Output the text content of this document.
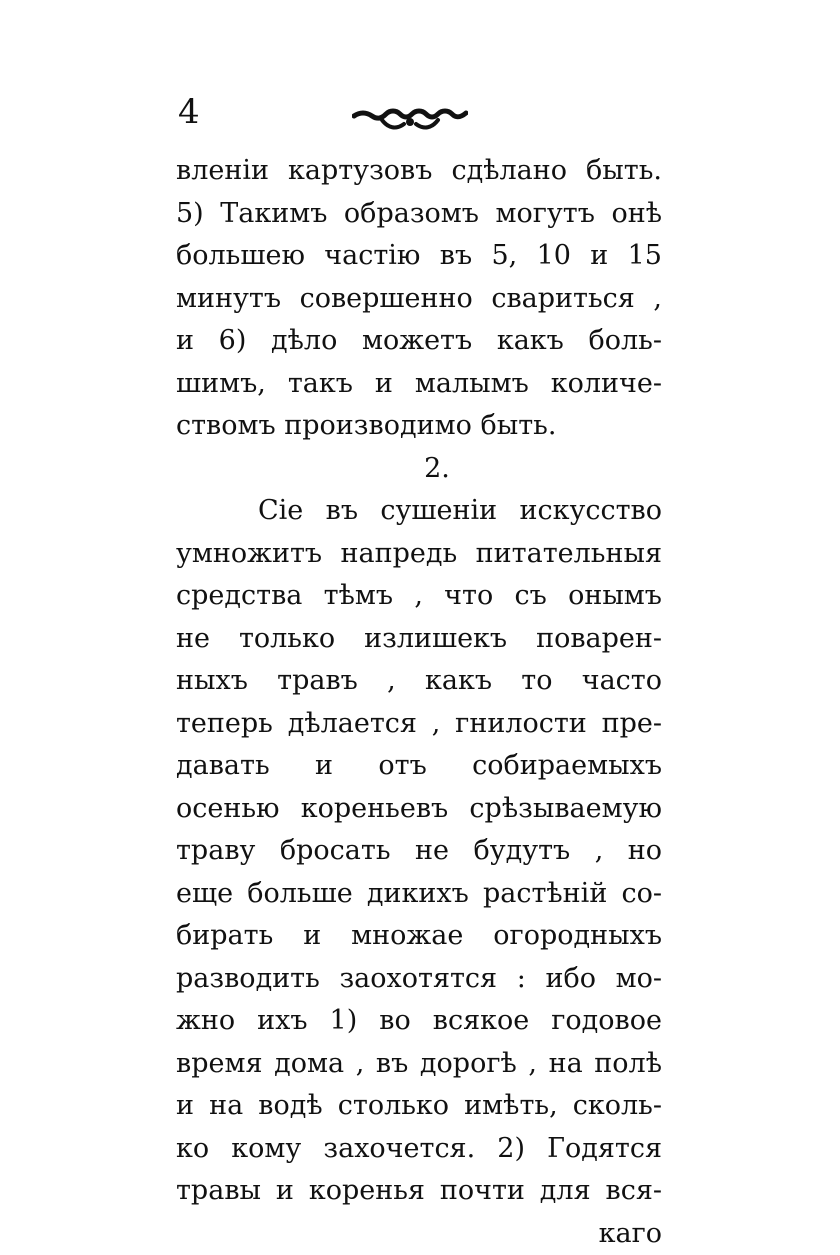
4
вленіи картузовъ сдѣлано быть.
5) Такимъ образомъ могутъ онѣ
большею частію въ 5, 10 и 15
минутъ совершенно свариться ,
и 6) дѣло можетъ какъ боль-
шимъ, такъ и малымъ количе-
ствомъ производимо быть.
2.
Сіе въ сушеніи искусство
умножитъ напредь питательныя
средства тѣмъ , что съ онымъ
не только излишекъ поварен-
ныхъ травъ , какъ то часто
теперь дѣлается , гнилости пре-
давать и отъ собираемыхъ
осенью кореньевъ срѣзываемую
траву бросать не будутъ , но
еще больше дикихъ растѣній со-
бирать и множае огородныхъ
разводить заохотятся : ибо мо-
жно ихъ 1) во всякое годовое
время дома , въ дорогѣ , на полѣ
и на водѣ столько имѣть, сколь-
ко кому захочется. 2) Годятся
травы и коренья почти для вся-
каго
